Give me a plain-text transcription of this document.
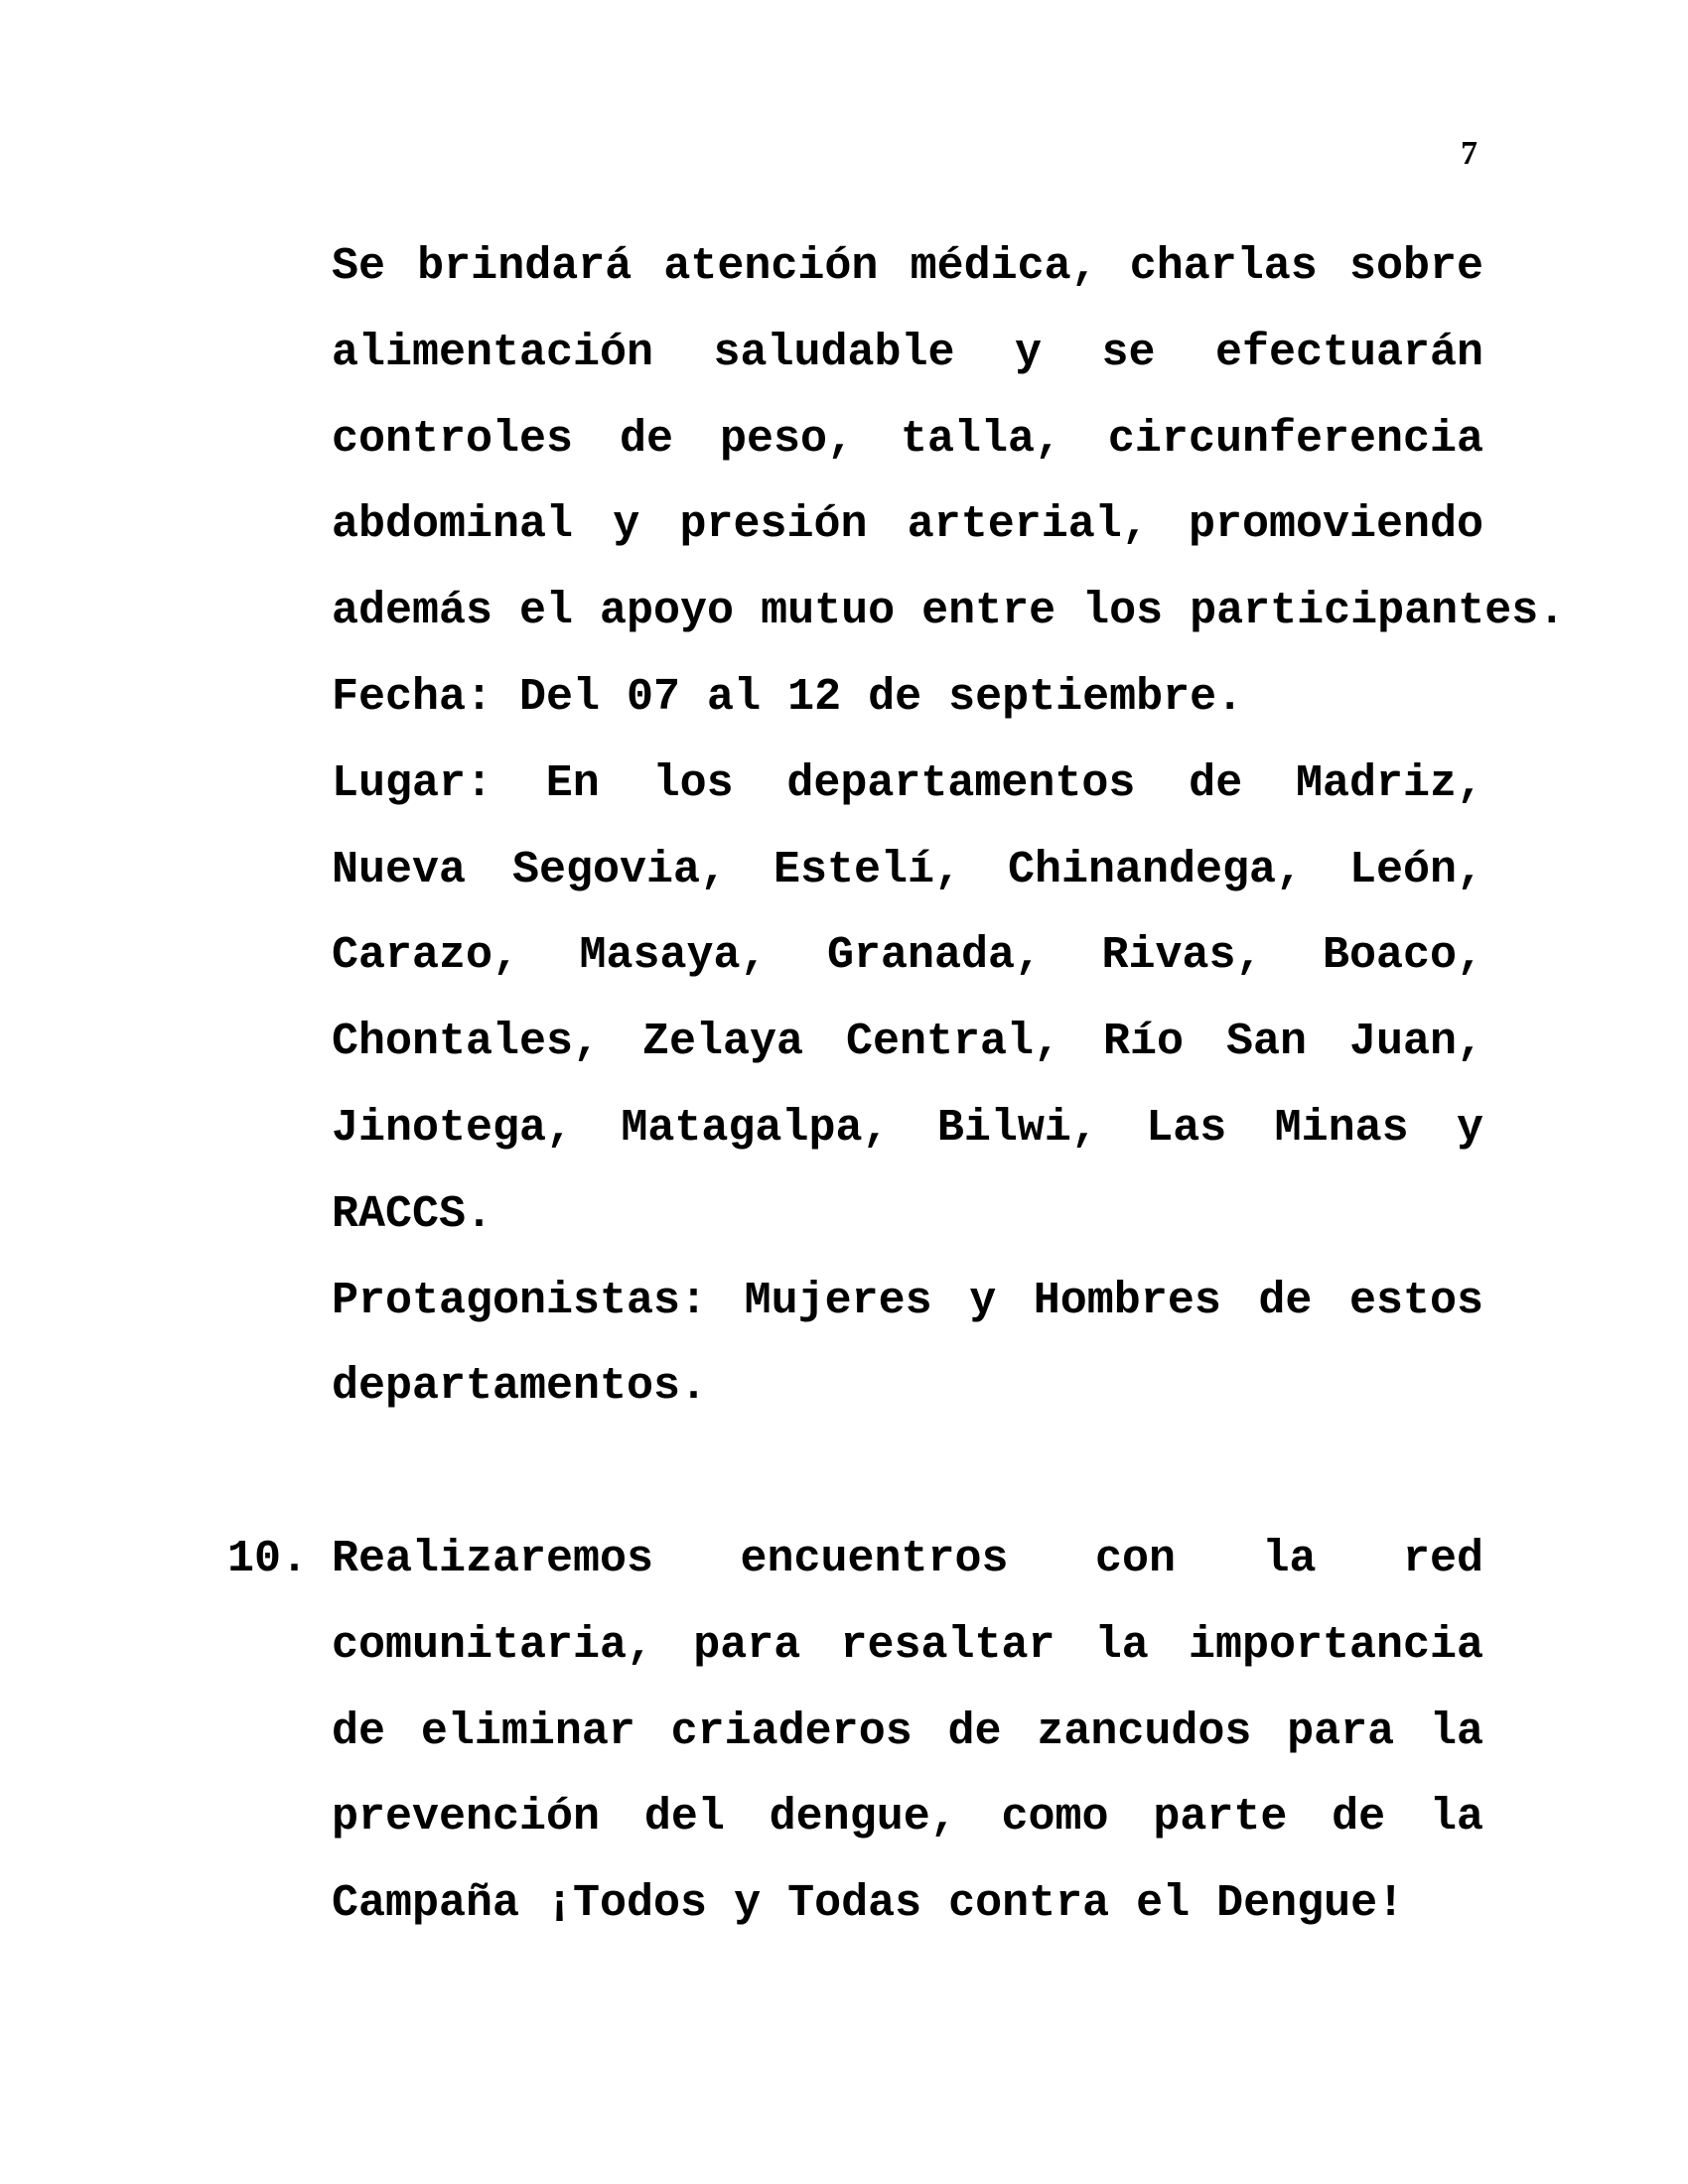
7
Se brindará atención médica, charlas sobre
alimentación saludable y se efectuarán
controles de peso, talla, circunferencia
abdominal y presión arterial, promoviendo
además el apoyo mutuo entre los participantes.
Fecha: Del 07 al 12 de septiembre.
Lugar: En los departamentos de Madriz,
Nueva Segovia, Estelí, Chinandega, León,
Carazo, Masaya, Granada, Rivas, Boaco,
Chontales, Zelaya Central, Río San Juan,
Jinotega, Matagalpa, Bilwi, Las Minas y
RACCS.
Protagonistas: Mujeres y Hombres de estos
departamentos.
10. Realizaremos encuentros con la red
comunitaria, para resaltar la importancia
de eliminar criaderos de zancudos para la
prevención del dengue, como parte de la
Campaña ¡Todos y Todas contra el Dengue!
